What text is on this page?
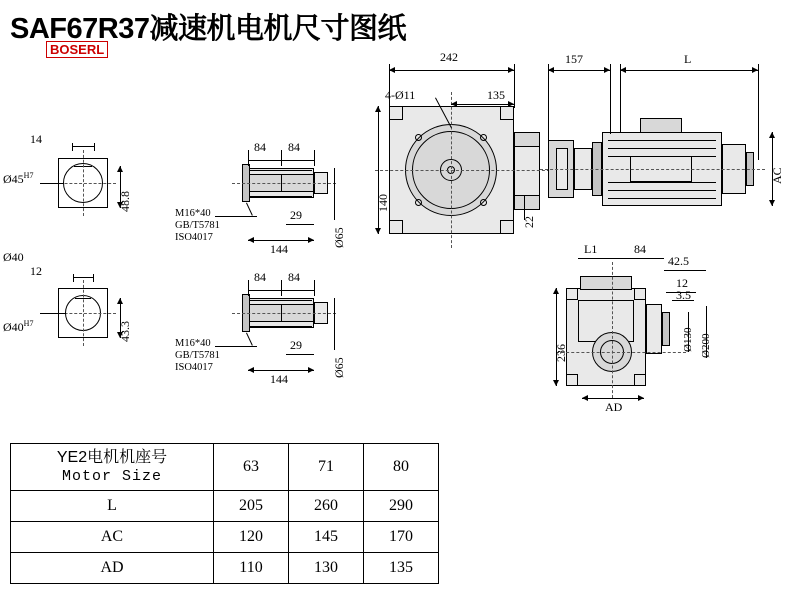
SAF67R37减速机电机尺寸图纸
BOSERL
14
$Ø45^{H7}$
48.8
Ø40
12
$Ø40^{H7}$	43.3
84 84
29
144
Ø65
M16*40
GB/T5781
ISO4017
84 84
29
144
Ø65
M16*40
GB/T5781
ISO4017
242
135
4-Ø11
140
22
157	L
AC
L1	84
42.5
12
3.5
236
Ø130 Ø200
AD
YE2电机机座号
Motor Size	63	71	80
L	205	260	290
AC	120	145	170
AD	110	130	135
